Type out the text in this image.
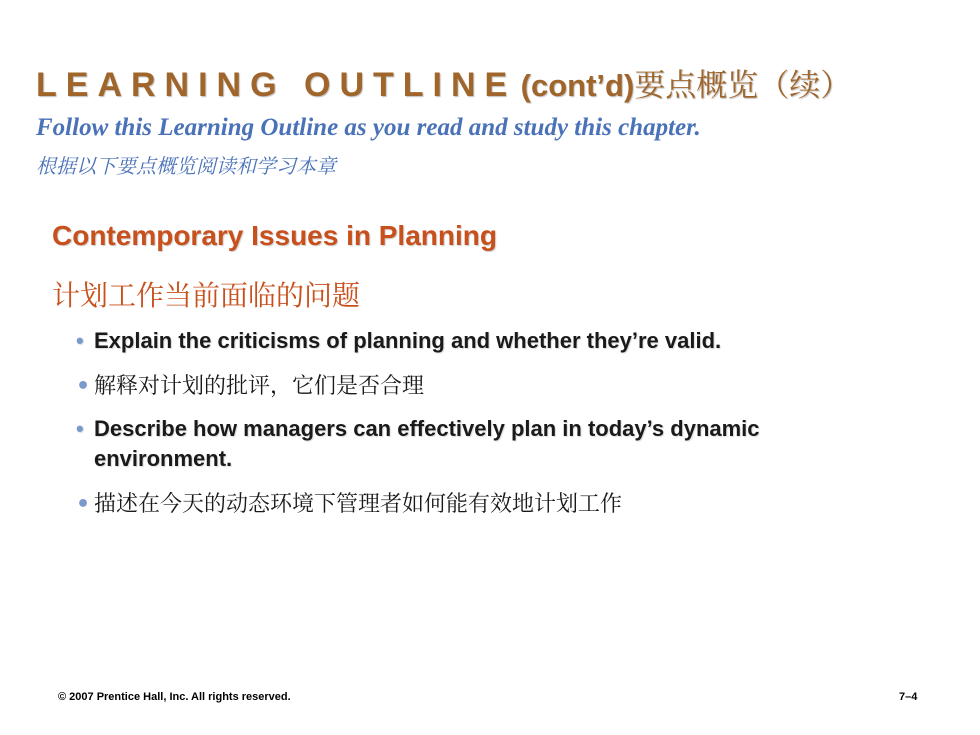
LEARNING OUTLINE (cont’d)要点概览（续）
Follow this Learning Outline as you read and study this chapter.
根据以下要点概览阅读和学习本章
Contemporary Issues in Planning
计划工作当前面临的问题
• Explain the criticisms of planning and whether they’re valid.
• 解释对计划的批评，它们是否合理
• Describe how managers can effectively plan in today’s dynamic environment.
• 描述在今天的动态环境下管理者如何能有效地计划工作
© 2007 Prentice Hall, Inc. All rights reserved.	7–4
